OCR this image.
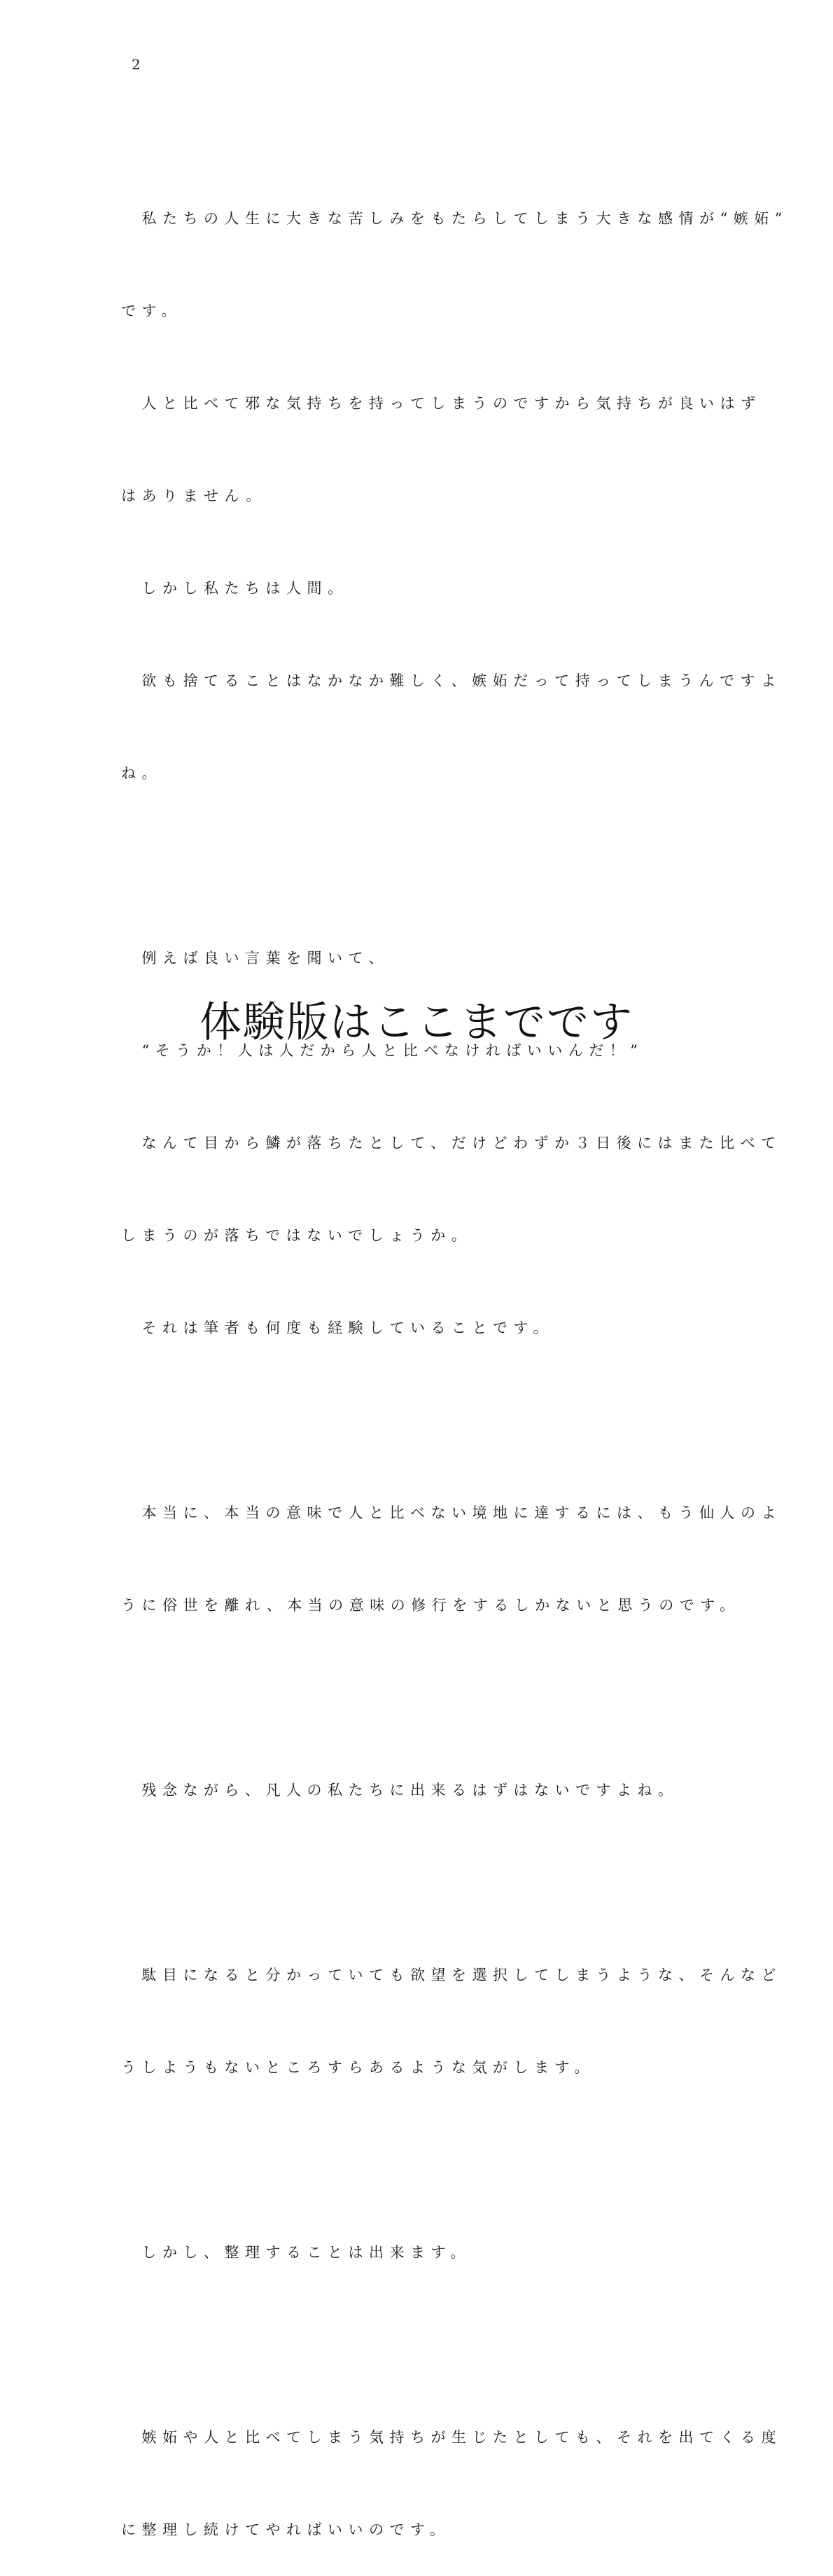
2

　私たちの人生に大きな苦しみをもたらしてしまう大きな感情が“嫉妬”

です。

　人と比べて邪な気持ちを持ってしまうのですから気持ちが良いはず

はありません。

　しかし私たちは人間。

　欲も捨てることはなかなか難しく、嫉妬だって持ってしまうんですよ

ね。

　例えば良い言葉を聞いて、

　“そうか！人は人だから人と比べなければいいんだ！”

　なんて目から鱗が落ちたとして、だけどわずか３日後にはまた比べて

しまうのが落ちではないでしょうか。

　それは筆者も何度も経験していることです。

　本当に、本当の意味で人と比べない境地に達するには、もう仙人のよ

うに俗世を離れ、本当の意味の修行をするしかないと思うのです。

　残念ながら、凡人の私たちに出来るはずはないですよね。

　駄目になると分かっていても欲望を選択してしまうような、そんなど

うしようもないところすらあるような気がします。

　しかし、整理することは出来ます。

　嫉妬や人と比べてしまう気持ちが生じたとしても、それを出てくる度

に整理し続けてやればいいのです。

体験版はここまでです
